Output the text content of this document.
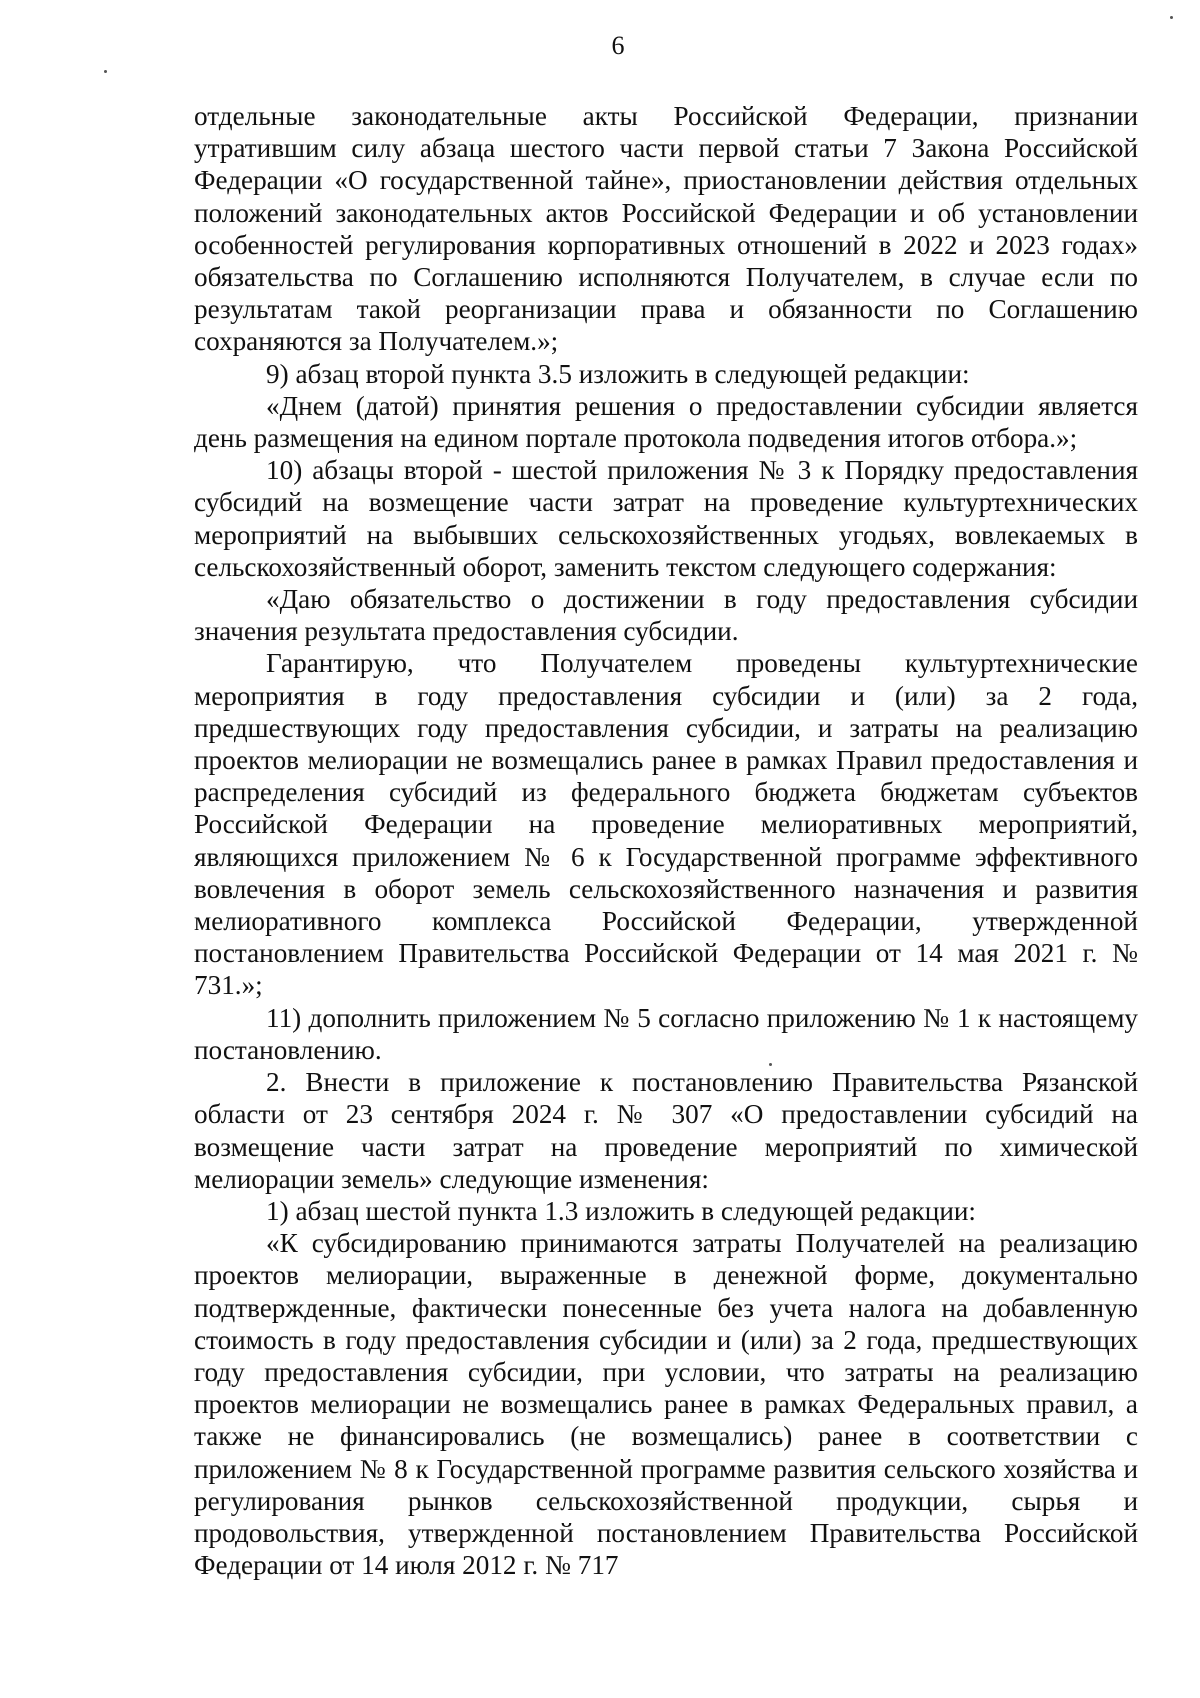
6

отдельные законодательные акты Российской Федерации, признании утратившим силу абзаца шестого части первой статьи 7 Закона Российской Федерации «О государственной тайне», приостановлении действия отдельных положений законодательных актов Российской Федерации и об установлении особенностей регулирования корпоративных отношений в 2022 и 2023 годах» обязательства по Соглашению исполняются Получателем, в случае если по результатам такой реорганизации права и обязанности по Соглашению сохраняются за Получателем.»;

9) абзац второй пункта 3.5 изложить в следующей редакции:

«Днем (датой) принятия решения о предоставлении субсидии является день размещения на едином портале протокола подведения итогов отбора.»;

10) абзацы второй - шестой приложения № 3 к Порядку предоставления субсидий на возмещение части затрат на проведение культуртехнических мероприятий на выбывших сельскохозяйственных угодьях, вовлекаемых в сельскохозяйственный оборот, заменить текстом следующего содержания:

«Даю обязательство о достижении в году предоставления субсидии значения результата предоставления субсидии.

Гарантирую, что Получателем проведены культуртехнические мероприятия в году предоставления субсидии и (или) за 2 года, предшествующих году предоставления субсидии, и затраты на реализацию проектов мелиорации не возмещались ранее в рамках Правил предоставления и распределения субсидий из федерального бюджета бюджетам субъектов Российской Федерации на проведение мелиоративных мероприятий, являющихся приложением № 6 к Государственной программе эффективного вовлечения в оборот земель сельскохозяйственного назначения и развития мелиоративного комплекса Российской Федерации, утвержденной постановлением Правительства Российской Федерации от 14 мая 2021 г. № 731.»;

11) дополнить приложением № 5 согласно приложению № 1 к настоящему постановлению.

2. Внести в приложение к постановлению Правительства Рязанской области от 23 сентября 2024 г. № 307 «О предоставлении субсидий на возмещение части затрат на проведение мероприятий по химической мелиорации земель» следующие изменения:

1) абзац шестой пункта 1.3 изложить в следующей редакции:

«К субсидированию принимаются затраты Получателей на реализацию проектов мелиорации, выраженные в денежной форме, документально подтвержденные, фактически понесенные без учета налога на добавленную стоимость в году предоставления субсидии и (или) за 2 года, предшествующих году предоставления субсидии, при условии, что затраты на реализацию проектов мелиорации не возмещались ранее в рамках Федеральных правил, а также не финансировались (не возмещались) ранее в соответствии с приложением № 8 к Государственной программе развития сельского хозяйства и регулирования рынков сельскохозяйственной продукции, сырья и продовольствия, утвержденной постановлением Правительства Российской Федерации от 14 июля 2012 г. № 717
